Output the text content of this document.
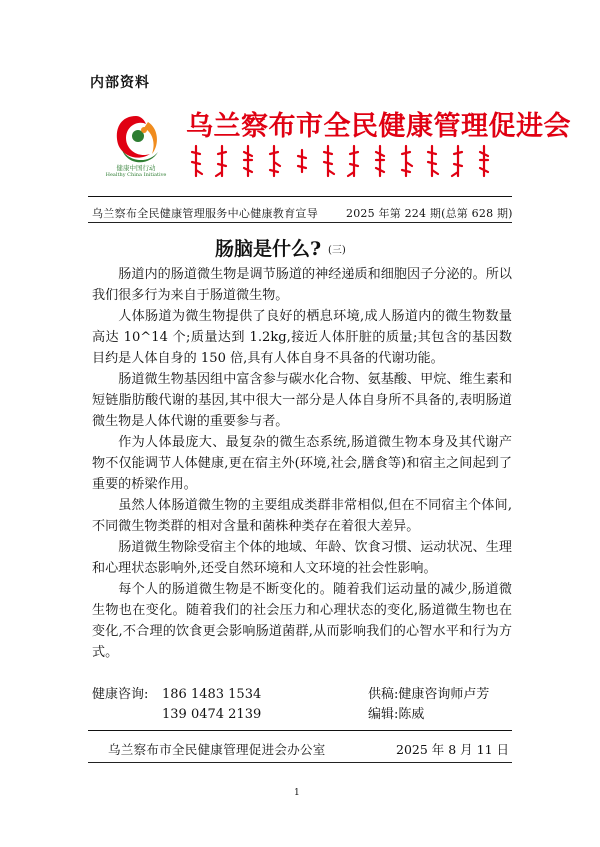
内部资料
健康中国行动
Healthy China Initiative
乌兰察布市全民健康管理促进会
乌兰察布全民健康管理服务中心健康教育宣导	2025 年第 224 期(总第 628 期)
肠脑是什么? (三)

肠道内的肠道微生物是调节肠道的神经递质和细胞因子分泌的。所以我们很多行为来自于肠道微生物。

人体肠道为微生物提供了良好的栖息环境,成人肠道内的微生物数量高达 10^14 个;质量达到 1.2kg,接近人体肝脏的质量;其包含的基因数目约是人体自身的 150 倍,具有人体自身不具备的代谢功能。

肠道微生物基因组中富含参与碳水化合物、氨基酸、甲烷、维生素和短链脂肪酸代谢的基因,其中很大一部分是人体自身所不具备的,表明肠道微生物是人体代谢的重要参与者。

作为人体最庞大、最复杂的微生态系统,肠道微生物本身及其代谢产物不仅能调节人体健康,更在宿主外(环境,社会,膳食等)和宿主之间起到了重要的桥梁作用。

虽然人体肠道微生物的主要组成类群非常相似,但在不同宿主个体间,不同微生物类群的相对含量和菌株种类存在着很大差异。

肠道微生物除受宿主个体的地域、年龄、饮食习惯、运动状况、生理和心理状态影响外,还受自然环境和人文环境的社会性影响。

每个人的肠道微生物是不断变化的。随着我们运动量的减少,肠道微生物也在变化。随着我们的社会压力和心理状态的变化,肠道微生物也在变化,不合理的饮食更会影响肠道菌群,从而影响我们的心智水平和行为方式。

健康咨询: 186 1483 1534
139 0474 2139
供稿:健康咨询师卢芳
编辑:陈威
乌兰察布市全民健康管理促进会办公室	2025 年 8 月 11 日
1
